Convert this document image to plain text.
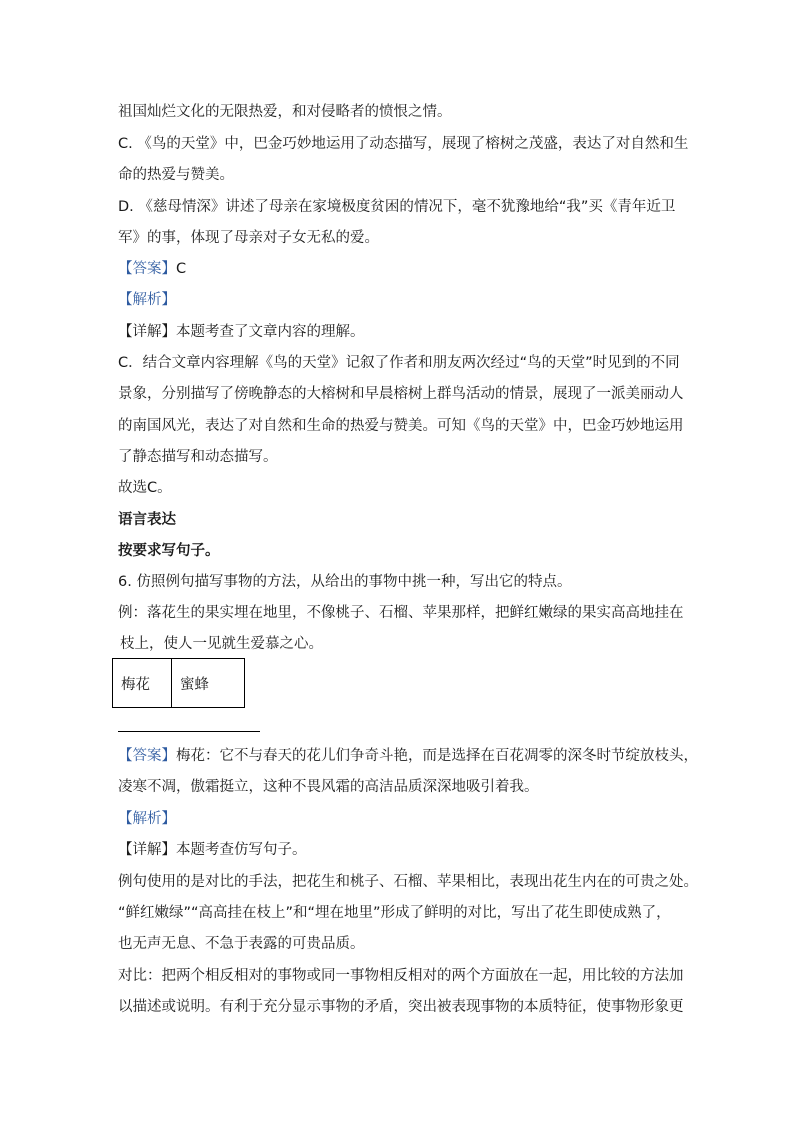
祖国灿烂文化的无限热爱，和对侵略者的愤恨之情。
C. 《鸟的天堂》中，巴金巧妙地运用了动态描写，展现了榕树之茂盛，表达了对自然和生
命的热爱与赞美。
D. 《慈母情深》讲述了母亲在家境极度贫困的情况下，毫不犹豫地给“我”买《青年近卫
军》的事，体现了母亲对子女无私的爱。
【答案】C
【解析】
【详解】本题考查了文章内容的理解。
C．结合文章内容理解《鸟的天堂》记叙了作者和朋友两次经过“鸟的天堂”时见到的不同
景象，分别描写了傍晚静态的大榕树和早晨榕树上群鸟活动的情景，展现了一派美丽动人
的南国风光，表达了对自然和生命的热爱与赞美。可知《鸟的天堂》中，巴金巧妙地运用
了静态描写和动态描写。
故选C。
语言表达
按要求写句子。
6. 仿照例句描写事物的方法，从给出的事物中挑一种，写出它的特点。
例：落花生的果实埋在地里，不像桃子、石榴、苹果那样，把鲜红嫩绿的果实高高地挂在
枝上，使人一见就生爱慕之心。
梅花	蜜蜂
【答案】梅花：它不与春天的花儿们争奇斗艳，而是选择在百花凋零的深冬时节绽放枝头，
凌寒不凋，傲霜挺立，这种不畏风霜的高洁品质深深地吸引着我。
【解析】
【详解】本题考查仿写句子。
例句使用的是对比的手法，把花生和桃子、石榴、苹果相比，表现出花生内在的可贵之处。
“鲜红嫩绿”“高高挂在枝上”和“埋在地里”形成了鲜明的对比，写出了花生即使成熟了，
也无声无息、不急于表露的可贵品质。
对比：把两个相反相对的事物或同一事物相反相对的两个方面放在一起，用比较的方法加
以描述或说明。有利于充分显示事物的矛盾，突出被表现事物的本质特征，使事物形象更
